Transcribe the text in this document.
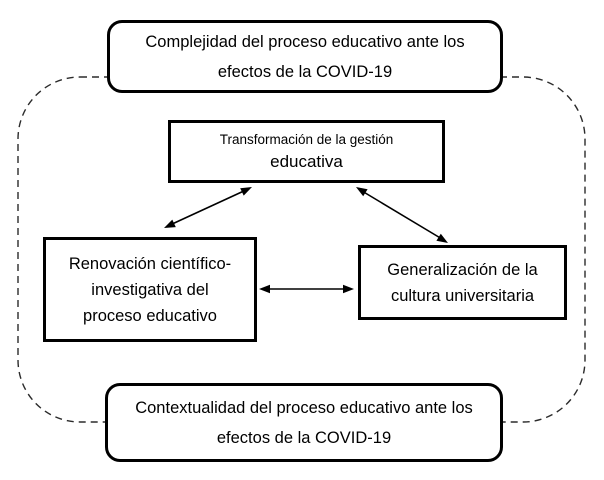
Complejidad del proceso educativo ante los
efectos de la COVID-19
Transformación de la gestión
educativa
Renovación científico-
investigativa del
proceso educativo
Generalización de la
cultura universitaria
Contextualidad del proceso educativo ante los
efectos de la COVID-19
